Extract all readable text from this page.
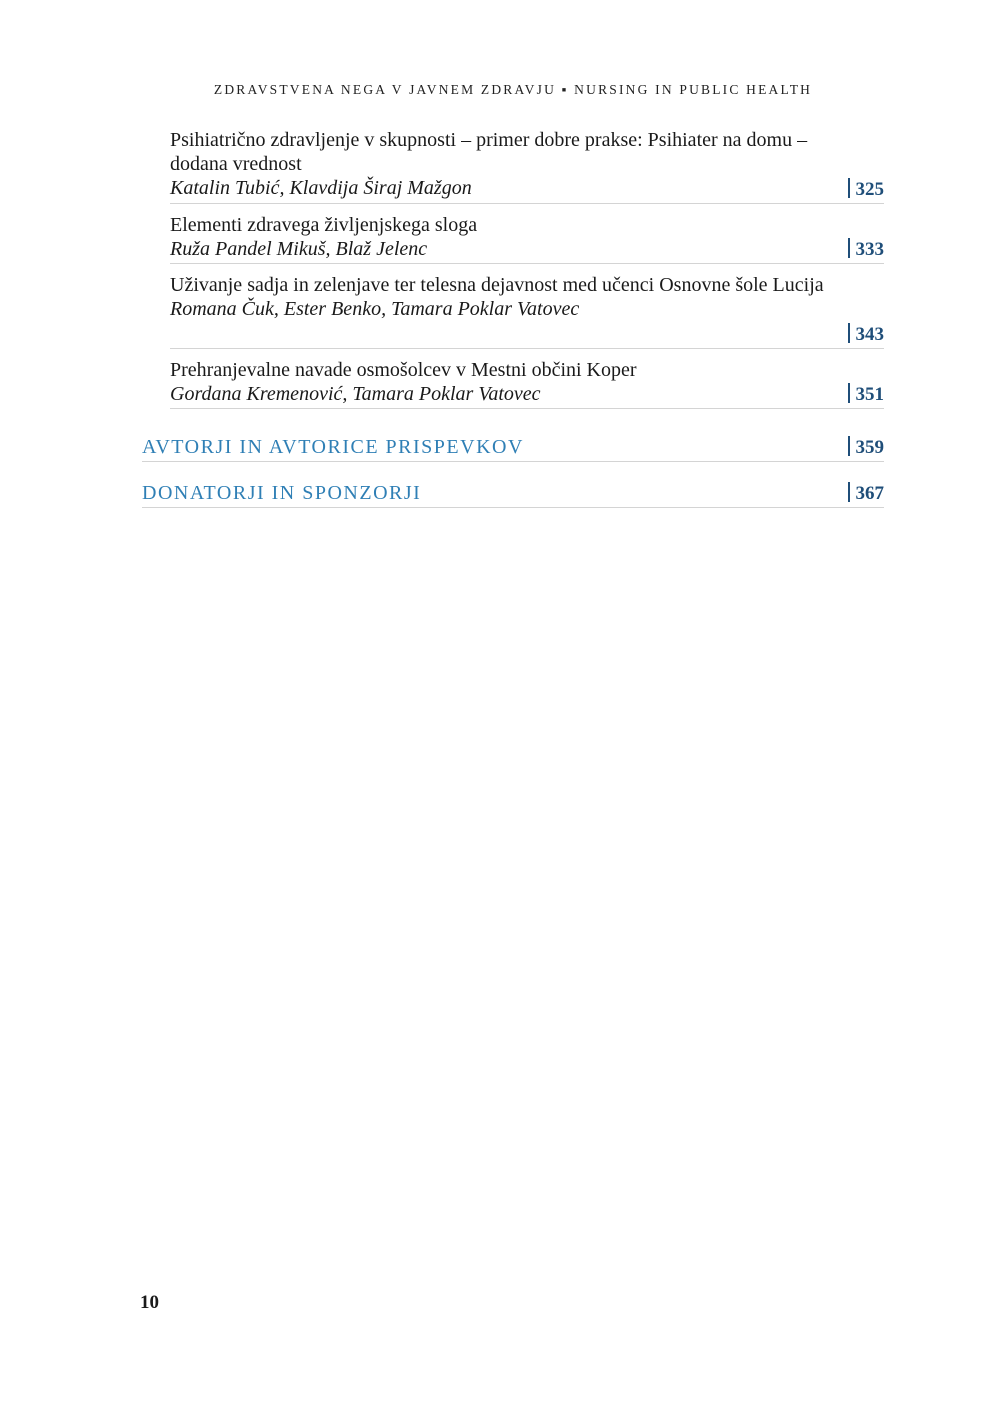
ZDRAVSTVENA NEGA V JAVNEM ZDRAVJU ▪ NURSING IN PUBLIC HEALTH
Psihiatrično zdravljenje v skupnosti – primer dobre prakse: Psihiater na domu – dodana vrednost
Katalin Tubić, Klavdija Širaj Mažgon	325
Elementi zdravega življenjskega sloga
Ruža Pandel Mikuš, Blaž Jelenc	333
Uživanje sadja in zelenjave ter telesna dejavnost med učenci Osnovne šole Lucija
Romana Čuk, Ester Benko, Tamara Poklar Vatovec
343
Prehranjevalne navade osmošolcev v Mestni občini Koper
Gordana Kremenović, Tamara Poklar Vatovec	351
AVTORJI IN AVTORICE PRISPEVKOV	359
DONATORJI IN SPONZORJI	367
10
